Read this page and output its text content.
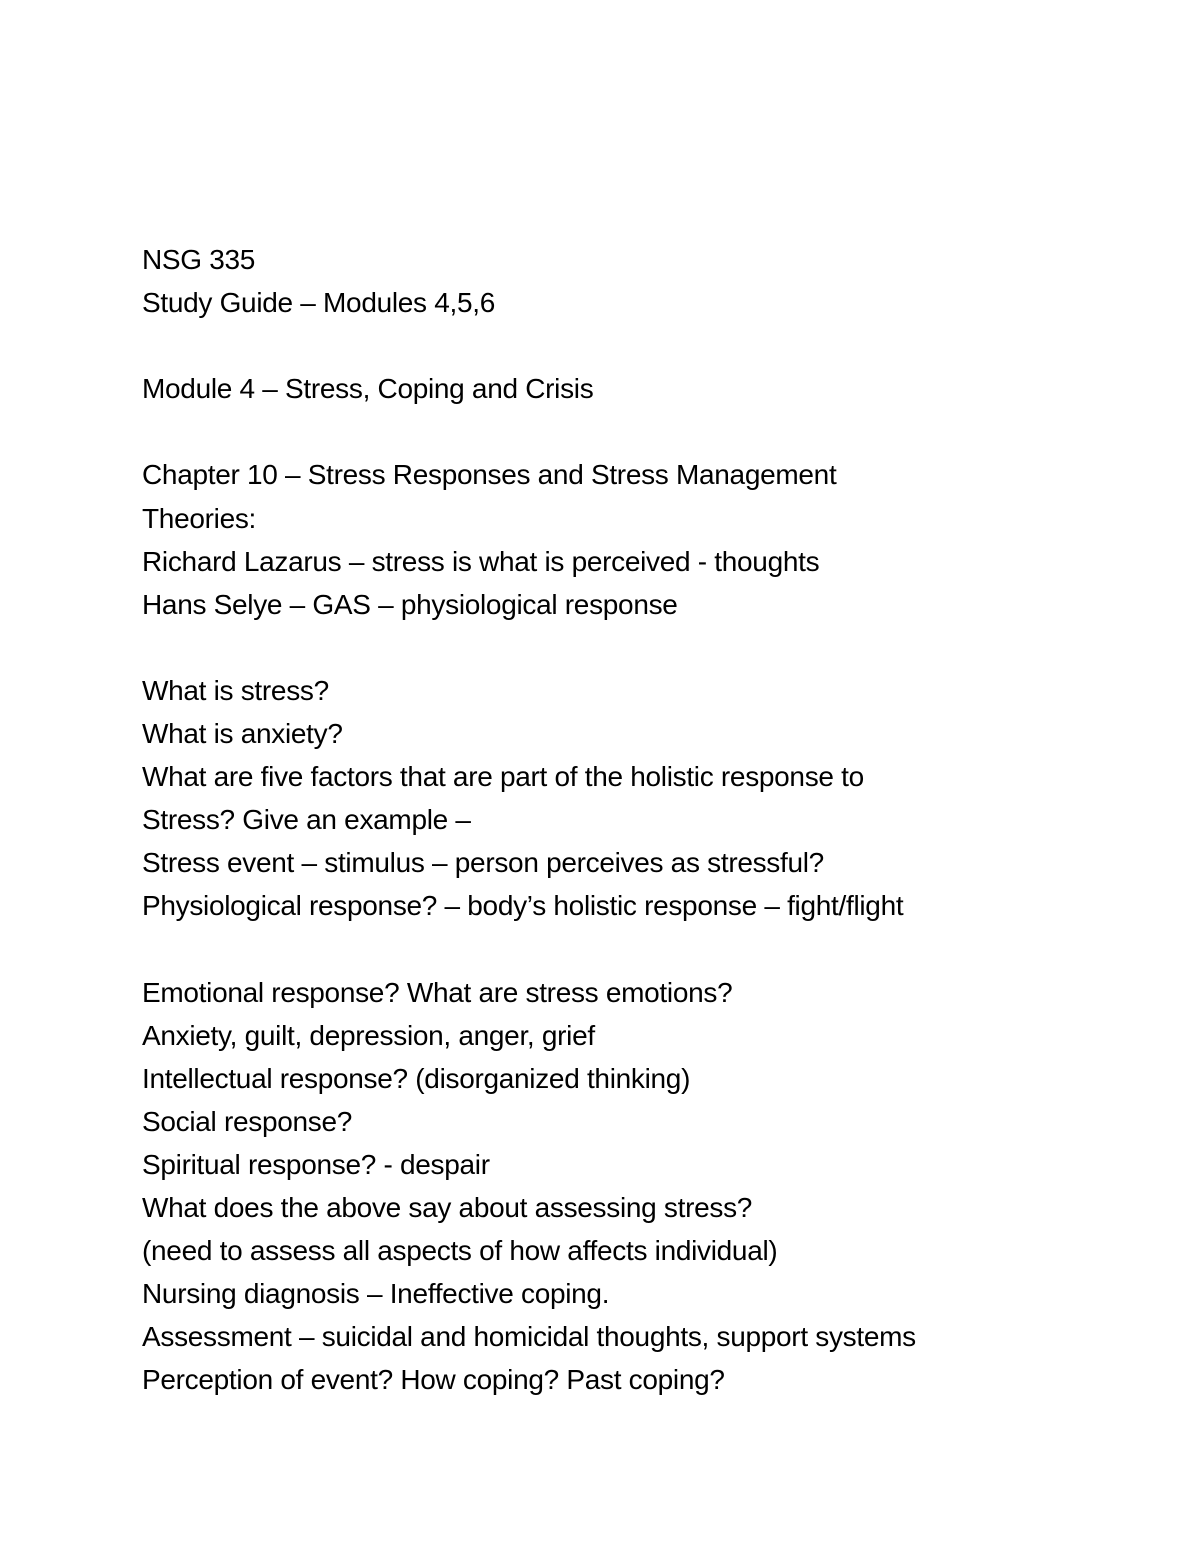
NSG 335
Study Guide – Modules 4,5,6
Module 4 – Stress, Coping and Crisis
Chapter 10 – Stress Responses and Stress Management
Theories:
Richard Lazarus – stress is what is perceived - thoughts
Hans Selye – GAS – physiological response
What is stress?
What is anxiety?
What are five factors that are part of the holistic response to
Stress? Give an example –
Stress event – stimulus – person perceives as stressful?
Physiological response? – body’s holistic response – fight/flight
Emotional response? What are stress emotions?
Anxiety, guilt, depression, anger, grief
Intellectual response? (disorganized thinking)
Social response?
Spiritual response? - despair
What does the above say about assessing stress?
(need to assess all aspects of how affects individual)
Nursing diagnosis – Ineffective coping.
Assessment – suicidal and homicidal thoughts, support systems
Perception of event? How coping? Past coping?
